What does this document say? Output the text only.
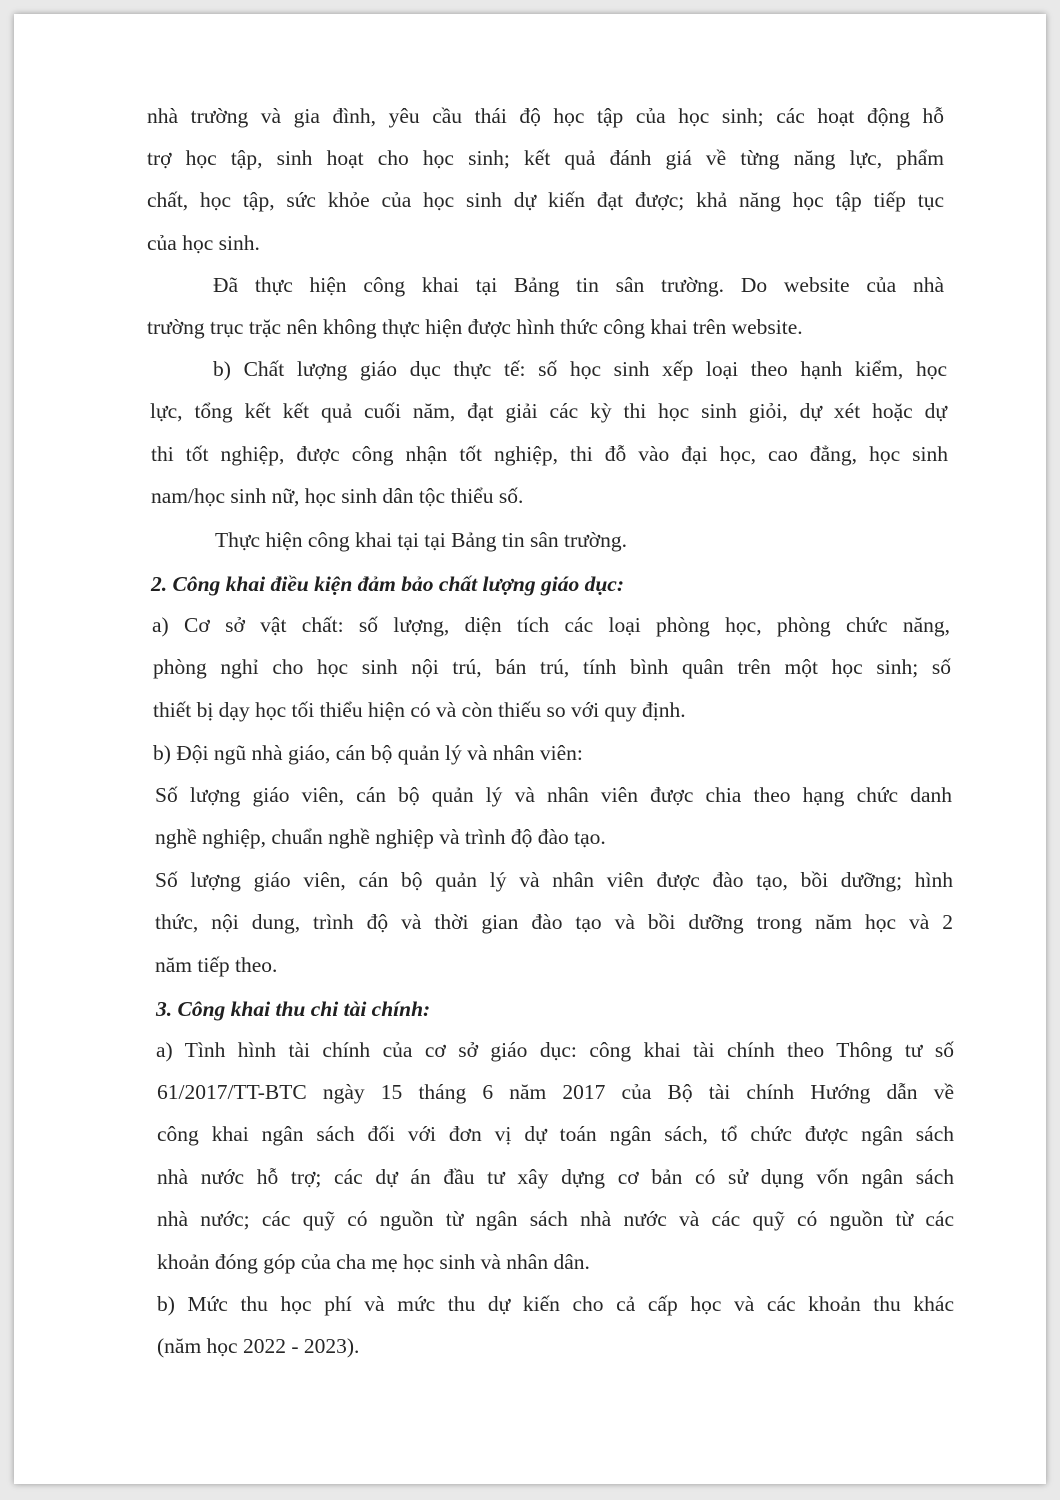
nhà trường và gia đình, yêu cầu thái độ học tập của học sinh; các hoạt động hỗ
trợ học tập, sinh hoạt cho học sinh; kết quả đánh giá về từng năng lực, phẩm
chất, học tập, sức khỏe của học sinh dự kiến đạt được; khả năng học tập tiếp tục
của học sinh.
Đã thực hiện công khai tại Bảng tin sân trường. Do website của nhà
trường trục trặc nên không thực hiện được hình thức công khai trên website.
b) Chất lượng giáo dục thực tế: số học sinh xếp loại theo hạnh kiểm, học
lực, tổng kết kết quả cuối năm, đạt giải các kỳ thi học sinh giỏi, dự xét hoặc dự
thi tốt nghiệp, được công nhận tốt nghiệp, thi đỗ vào đại học, cao đẳng, học sinh
nam/học sinh nữ, học sinh dân tộc thiểu số.
Thực hiện công khai tại tại Bảng tin sân trường.
2. Công khai điều kiện đảm bảo chất lượng giáo dục:
a) Cơ sở vật chất: số lượng, diện tích các loại phòng học, phòng chức năng,
phòng nghỉ cho học sinh nội trú, bán trú, tính bình quân trên một học sinh; số
thiết bị dạy học tối thiểu hiện có và còn thiếu so với quy định.
b) Đội ngũ nhà giáo, cán bộ quản lý và nhân viên:
Số lượng giáo viên, cán bộ quản lý và nhân viên được chia theo hạng chức danh
nghề nghiệp, chuẩn nghề nghiệp và trình độ đào tạo.
Số lượng giáo viên, cán bộ quản lý và nhân viên được đào tạo, bồi dưỡng; hình
thức, nội dung, trình độ và thời gian đào tạo và bồi dưỡng trong năm học và 2
năm tiếp theo.
3. Công khai thu chi tài chính:
a) Tình hình tài chính của cơ sở giáo dục: công khai tài chính theo Thông tư số
61/2017/TT-BTC ngày 15 tháng 6 năm 2017 của Bộ tài chính Hướng dẫn về
công khai ngân sách đối với đơn vị dự toán ngân sách, tổ chức được ngân sách
nhà nước hỗ trợ; các dự án đầu tư xây dựng cơ bản có sử dụng vốn ngân sách
nhà nước; các quỹ có nguồn từ ngân sách nhà nước và các quỹ có nguồn từ các
khoản đóng góp của cha mẹ học sinh và nhân dân.
b) Mức thu học phí và mức thu dự kiến cho cả cấp học và các khoản thu khác
(năm học 2022 - 2023).
